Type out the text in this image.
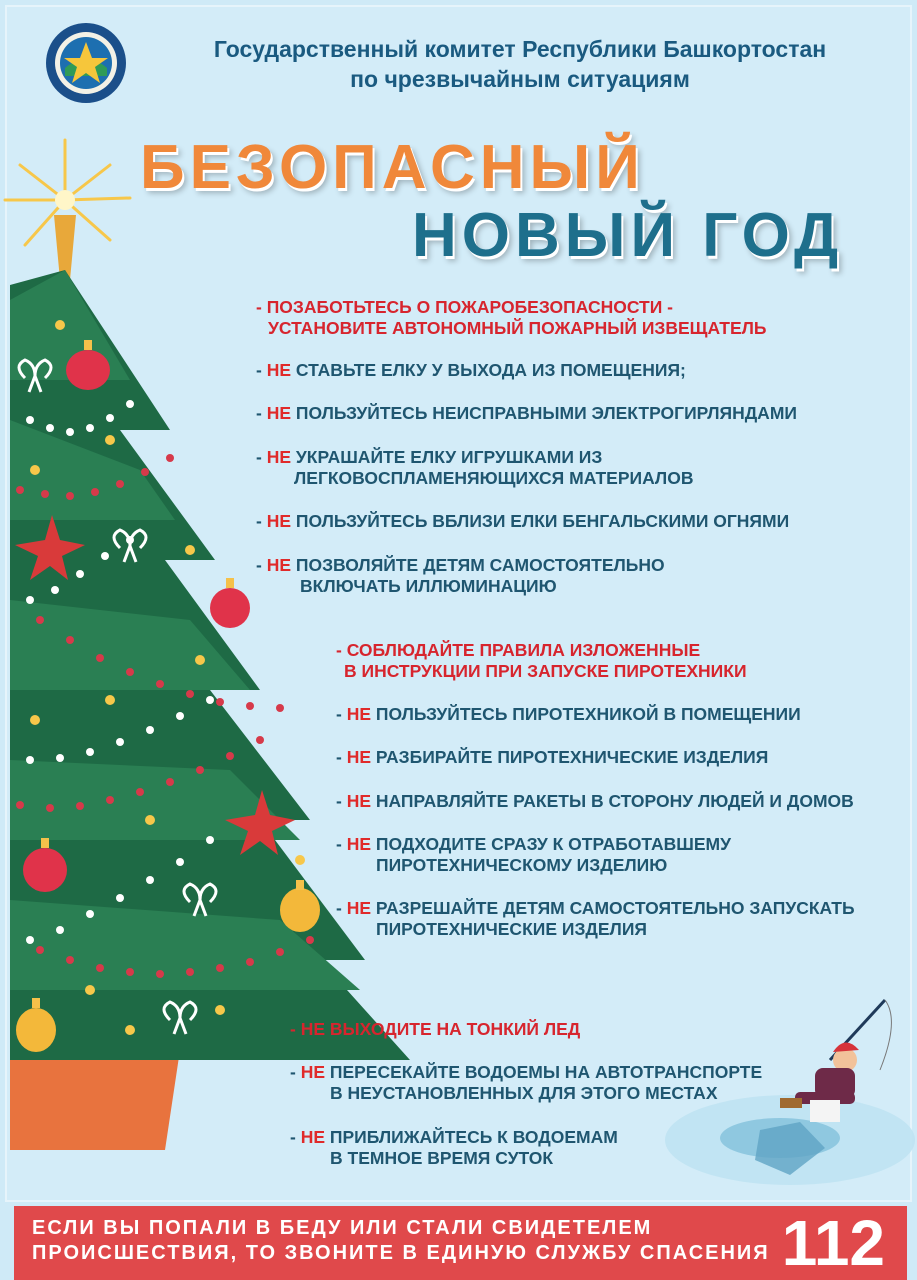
Государственный комитет Республики Башкортостан
по чрезвычайным ситуациям
БЕЗОПАСНЫЙ
НОВЫЙ ГОД
- ПОЗАБОТЬТЕСЬ О ПОЖАРОБЕЗОПАСНОСТИ -
УСТАНОВИТЕ АВТОНОМНЫЙ ПОЖАРНЫЙ ИЗВЕЩАТЕЛЬ
- НЕ СТАВЬТЕ ЕЛКУ У ВЫХОДА ИЗ ПОМЕЩЕНИЯ;
- НЕ ПОЛЬЗУЙТЕСЬ НЕИСПРАВНЫМИ ЭЛЕКТРОГИРЛЯНДАМИ
- НЕ УКРАШАЙТЕ ЕЛКУ ИГРУШКАМИ ИЗ
ЛЕГКОВОСПЛАМЕНЯЮЩИХСЯ МАТЕРИАЛОВ
- НЕ ПОЛЬЗУЙТЕСЬ ВБЛИЗИ ЕЛКИ БЕНГАЛЬСКИМИ ОГНЯМИ
- НЕ ПОЗВОЛЯЙТЕ ДЕТЯМ САМОСТОЯТЕЛЬНО
ВКЛЮЧАТЬ ИЛЛЮМИНАЦИЮ
- СОБЛЮДАЙТЕ ПРАВИЛА ИЗЛОЖЕННЫЕ
В ИНСТРУКЦИИ ПРИ ЗАПУСКЕ ПИРОТЕХНИКИ
- НЕ ПОЛЬЗУЙТЕСЬ ПИРОТЕХНИКОЙ В ПОМЕЩЕНИИ
- НЕ РАЗБИРАЙТЕ ПИРОТЕХНИЧЕСКИЕ ИЗДЕЛИЯ
- НЕ НАПРАВЛЯЙТЕ РАКЕТЫ В СТОРОНУ ЛЮДЕЙ И ДОМОВ
- НЕ ПОДХОДИТЕ СРАЗУ К ОТРАБОТАВШЕМУ
ПИРОТЕХНИЧЕСКОМУ ИЗДЕЛИЮ
- НЕ РАЗРЕШАЙТЕ ДЕТЯМ САМОСТОЯТЕЛЬНО ЗАПУСКАТЬ
ПИРОТЕХНИЧЕСКИЕ ИЗДЕЛИЯ
- НЕ ВЫХОДИТЕ НА ТОНКИЙ ЛЕД
- НЕ ПЕРЕСЕКАЙТЕ ВОДОЕМЫ НА АВТОТРАНСПОРТЕ
В НЕУСТАНОВЛЕННЫХ ДЛЯ ЭТОГО МЕСТАХ
- НЕ ПРИБЛИЖАЙТЕСЬ К ВОДОЕМАМ
В ТЕМНОЕ ВРЕМЯ СУТОК
ЕСЛИ ВЫ ПОПАЛИ В БЕДУ ИЛИ СТАЛИ СВИДЕТЕЛЕМ
ПРОИСШЕСТВИЯ, ТО ЗВОНИТЕ В ЕДИНУЮ СЛУЖБУ СПАСЕНИЯ 112
